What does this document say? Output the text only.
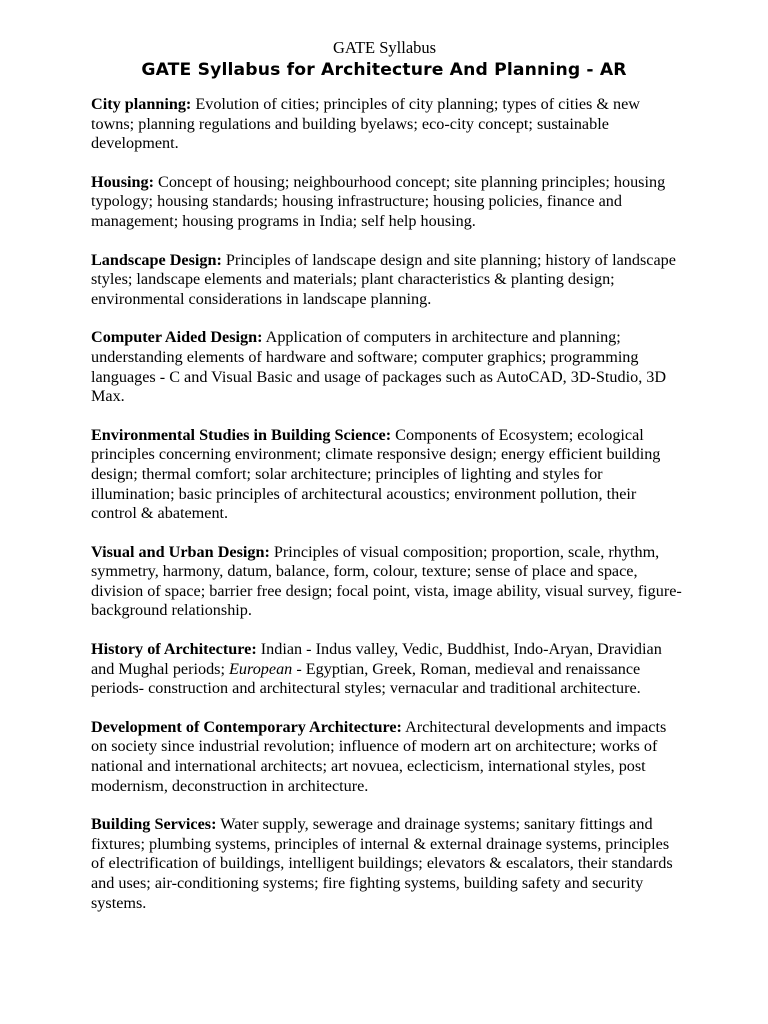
GATE Syllabus
GATE Syllabus for Architecture And Planning - AR
City planning: Evolution of cities; principles of city planning; types of cities & new towns; planning regulations and building byelaws; eco-city concept; sustainable development.
Housing: Concept of housing; neighbourhood concept; site planning principles; housing typology; housing standards; housing infrastructure; housing policies, finance and management; housing programs in India; self help housing.
Landscape Design: Principles of landscape design and site planning; history of landscape styles; landscape elements and materials; plant characteristics & planting design; environmental considerations in landscape planning.
Computer Aided Design: Application of computers in architecture and planning; understanding elements of hardware and software; computer graphics; programming languages - C and Visual Basic and usage of packages such as AutoCAD, 3D-Studio, 3D Max.
Environmental Studies in Building Science: Components of Ecosystem; ecological principles concerning environment; climate responsive design; energy efficient building design; thermal comfort; solar architecture; principles of lighting and styles for illumination; basic principles of architectural acoustics; environment pollution, their control & abatement.
Visual and Urban Design: Principles of visual composition; proportion, scale, rhythm, symmetry, harmony, datum, balance, form, colour, texture; sense of place and space, division of space; barrier free design; focal point, vista, image ability, visual survey, figure-background relationship.
History of Architecture: Indian - Indus valley, Vedic, Buddhist, Indo-Aryan, Dravidian and Mughal periods; European - Egyptian, Greek, Roman, medieval and renaissance periods- construction and architectural styles; vernacular and traditional architecture.
Development of Contemporary Architecture: Architectural developments and impacts on society since industrial revolution; influence of modern art on architecture; works of national and international architects; art novuea, eclecticism, international styles, post modernism, deconstruction in architecture.
Building Services: Water supply, sewerage and drainage systems; sanitary fittings and fixtures; plumbing systems, principles of internal & external drainage systems, principles of electrification of buildings, intelligent buildings; elevators & escalators, their standards and uses; air-conditioning systems; fire fighting systems, building safety and security systems.
